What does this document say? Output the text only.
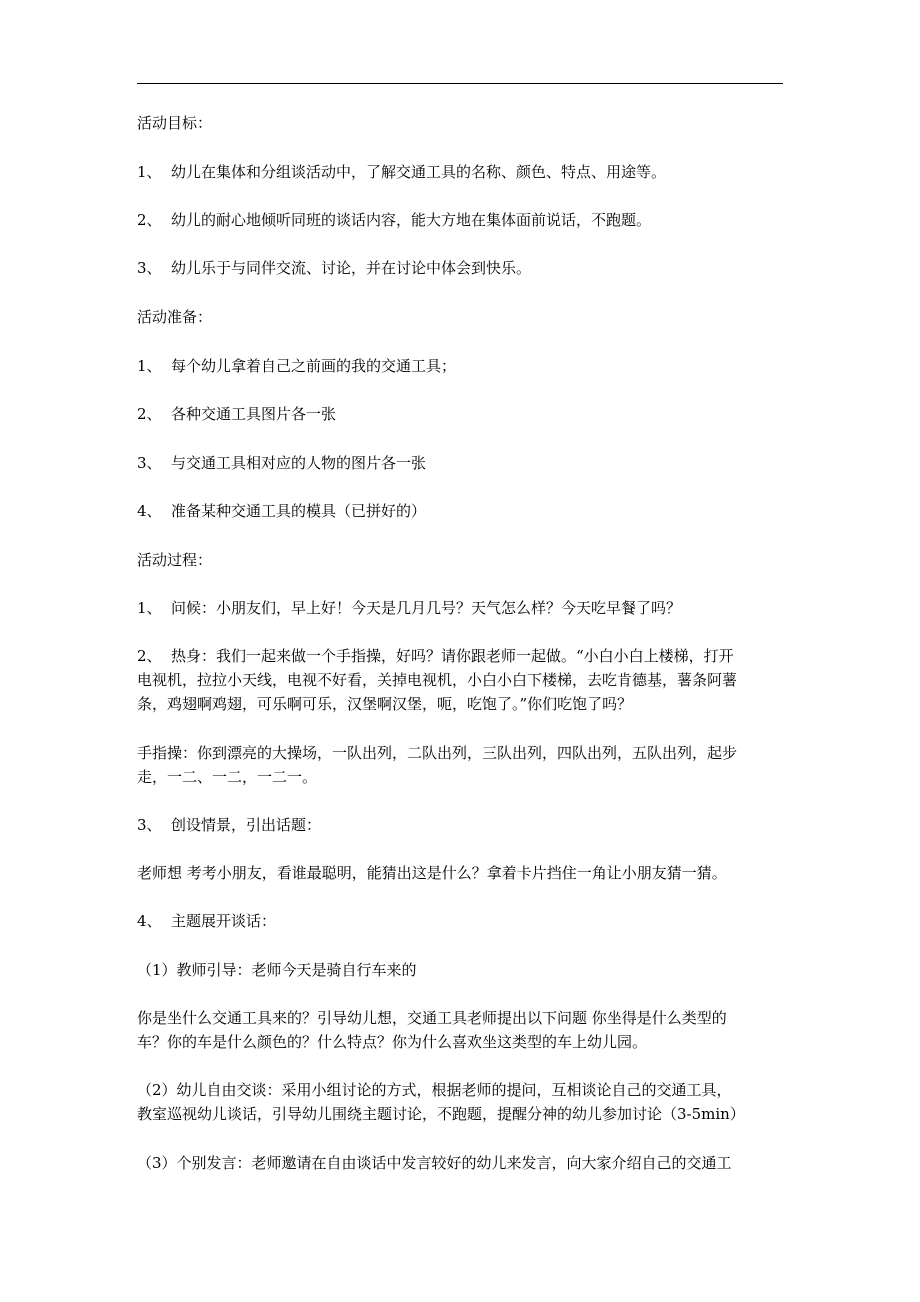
活动目标：
1、 幼儿在集体和分组谈活动中，了解交通工具的名称、颜色、特点、用途等。
2、 幼儿的耐心地倾听同班的谈话内容，能大方地在集体面前说话，不跑题。
3、 幼儿乐于与同伴交流、讨论，并在讨论中体会到快乐。
活动准备：
1、 每个幼儿拿着自己之前画的我的交通工具；
2、 各种交通工具图片各一张
3、 与交通工具相对应的人物的图片各一张
4、 准备某种交通工具的模具（已拼好的）
活动过程：
1、 问候：小朋友们，早上好！今天是几月几号？天气怎么样？今天吃早餐了吗？
2、 热身：我们一起来做一个手指操，好吗？请你跟老师一起做。“小白小白上楼梯，打开
电视机，拉拉小天线，电视不好看，关掉电视机，小白小白下楼梯，去吃肯德基，薯条阿薯
条，鸡翅啊鸡翅，可乐啊可乐，汉堡啊汉堡，呃，吃饱了。”你们吃饱了吗？
手指操：你到漂亮的大操场，一队出列，二队出列，三队出列，四队出列，五队出列，起步
走，一二、一二，一二一。
3、 创设情景，引出话题：
老师想 考考小朋友，看谁最聪明，能猜出这是什么？拿着卡片挡住一角让小朋友猜一猜。
4、 主题展开谈话：
（1）教师引导：老师今天是骑自行车来的
你是坐什么交通工具来的？引导幼儿想，交通工具老师提出以下问题 你坐得是什么类型的
车？你的车是什么颜色的？什么特点？你为什么喜欢坐这类型的车上幼儿园。
（2）幼儿自由交谈：采用小组讨论的方式，根据老师的提问，互相谈论自己的交通工具，
教室巡视幼儿谈话，引导幼儿围绕主题讨论，不跑题，提醒分神的幼儿参加讨论（3-5min）
（3）个别发言：老师邀请在自由谈话中发言较好的幼儿来发言，向大家介绍自己的交通工
